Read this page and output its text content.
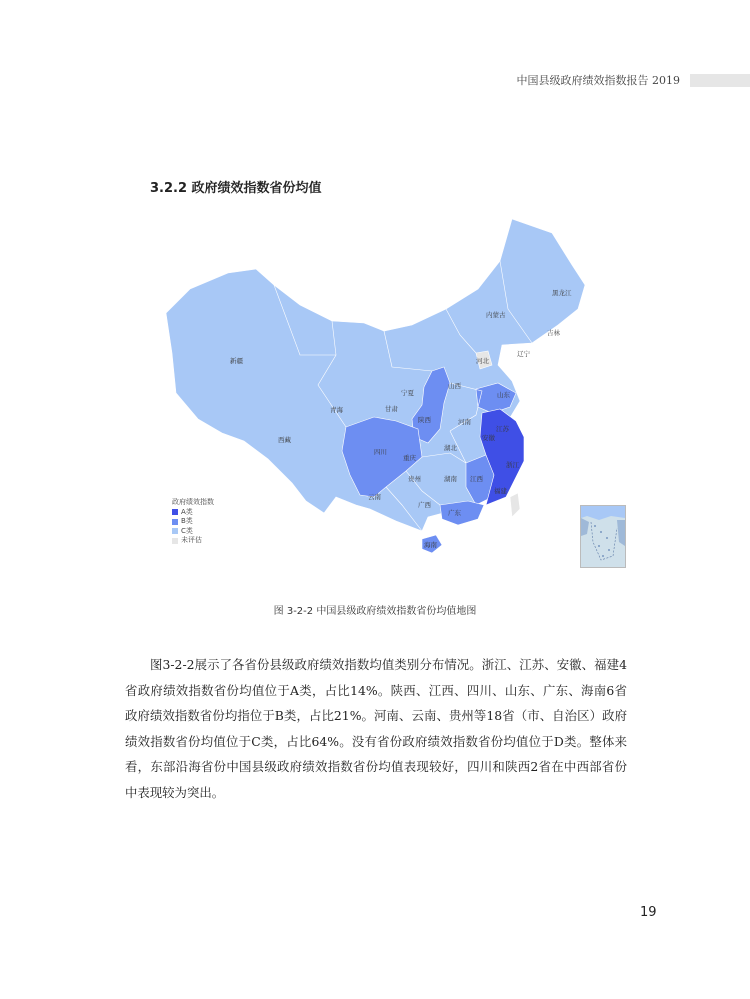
中国县级政府绩效指数报告 2019
3.2.2 政府绩效指数省份均值
黑龙江
内蒙古
吉林
辽宁
河北
山东
山西
宁夏
甘肃
青海
新疆
西藏
陕西	河南
江苏
安徽
湖北
四川
重庆
浙江
江西
湖南
贵州
云南
广西
广东
福建
海南
政府绩效指数
A类
B类
C类
未评估
图 3-2-2 中国县级政府绩效指数省份均值地图
图3-2-2展示了各省份县级政府绩效指数均值类别分布情况。浙江、江苏、安徽、福建4省政府绩效指数省份均值位于A类，占比14%。陕西、江西、四川、山东、广东、海南6省政府绩效指数省份均指位于B类，占比21%。河南、云南、贵州等18省（市、自治区）政府绩效指数省份均值位于C类，占比64%。没有省份政府绩效指数省份均值位于D类。整体来看，东部沿海省份中国县级政府绩效指数省份均值表现较好，四川和陕西2省在中西部省份中表现较为突出。
19
